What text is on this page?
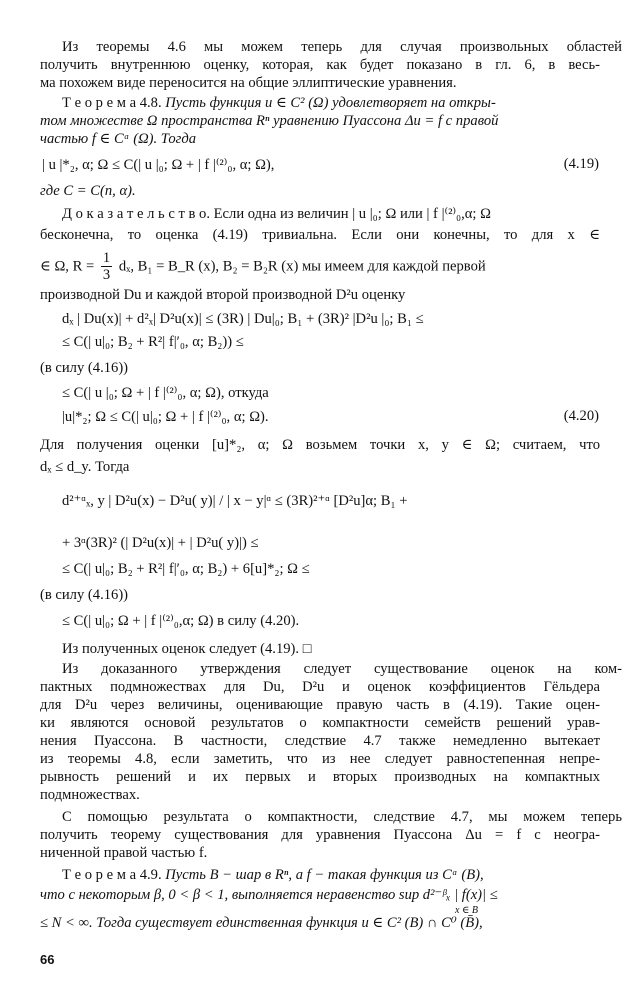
Из теоремы 4.6 мы можем теперь для случая произвольных областей
получить внутреннюю оценку, которая, как будет показано в гл. 6, в весь-
ма похожем виде переносится на общие эллиптические уравнения.
Т е о р е м а 4.8. Пусть функция u ∈ C² (Ω) удовлетворяет на откры-
том множестве Ω пространства Rⁿ уравнению Пуассона Δu = f с правой
частью f ∈ Cᵅ (Ω). Тогда
| u |*₂, α; Ω ≤ C(| u |₀; Ω + | f |⁽²⁾₀, α; Ω),	(4.19)
где C = C(n, α).
Д о к а з а т е л ь с т в о. Если одна из величин | u |₀; Ω или | f |⁽²⁾₀,α; Ω
бесконечна, то оценка (4.19) тривиальна. Если они конечны, то для x ∈
∈ Ω, $R = \frac{1}{3} d_x$, B₁ = B_R (x), B₂ = B₂R (x) мы имеем для каждой первой
производной Du и каждой второй производной D²u оценку
dₓ | Du(x)| + d²ₓ| D²u(x)| ≤ (3R) | Du|₀; B₁ + (3R)² |D²u |₀; B₁ ≤
≤ C(| u|₀; B₂ + R²| f|′₀, α; B₂)) ≤
(в силу (4.16))
≤ C(| u |₀; Ω + | f |⁽²⁾₀, α; Ω), откуда
|u|*₂; Ω ≤ C(| u|₀; Ω + | f |⁽²⁾₀, α; Ω).	(4.20)
Для получения оценки [u]*₂, α; Ω возьмем точки x, y ∈ Ω; считаем, что
dₓ ≤ d_y. Тогда
d²⁺ᵅₓ, y | D²u(x) − D²u( y)| / | x − y|ᵅ ≤ (3R)²⁺ᵅ [D²u]α; B₁ +
+ 3ᵅ(3R)² (| D²u(x)| + | D²u( y)|) ≤
≤ C(| u|₀; B₂ + R²| f|′₀, α; B₂) + 6[u]*₂; Ω ≤
(в силу (4.16))
≤ C(| u|₀; Ω + | f |⁽²⁾₀,α; Ω) в силу (4.20).
Из полученных оценок следует (4.19). □
Из доказанного утверждения следует существование оценок на ком-
пактных подмножествах для Du, D²u и оценок коэффициентов Гёльдера
для D²u через величины, оценивающие правую часть в (4.19). Такие оцен-
ки являются основой результатов о компактности семейств решений урав-
нения Пуассона. В частности, следствие 4.7 также немедленно вытекает
из теоремы 4.8, если заметить, что из нее следует равностепенная непре-
рывность решений и их первых и вторых производных на компактных
подмножествах.
С помощью результата о компактности, следствие 4.7, мы можем теперь
получить теорему существования для уравнения Пуассона Δu = f с неогра-
ниченной правой частью f.
Т е о р е м а 4.9. Пусть B − шар в Rⁿ, а f − такая функция из Cᵅ (B),
что с некоторым β, 0 < β < 1, выполняется неравенство sup d²⁻ᵝₓ | f(x)| ≤
x ∈ B
≤ N < ∞. Тогда существует единственная функция u ∈ C² (B) ∩ C⁰ (B̄),
66
